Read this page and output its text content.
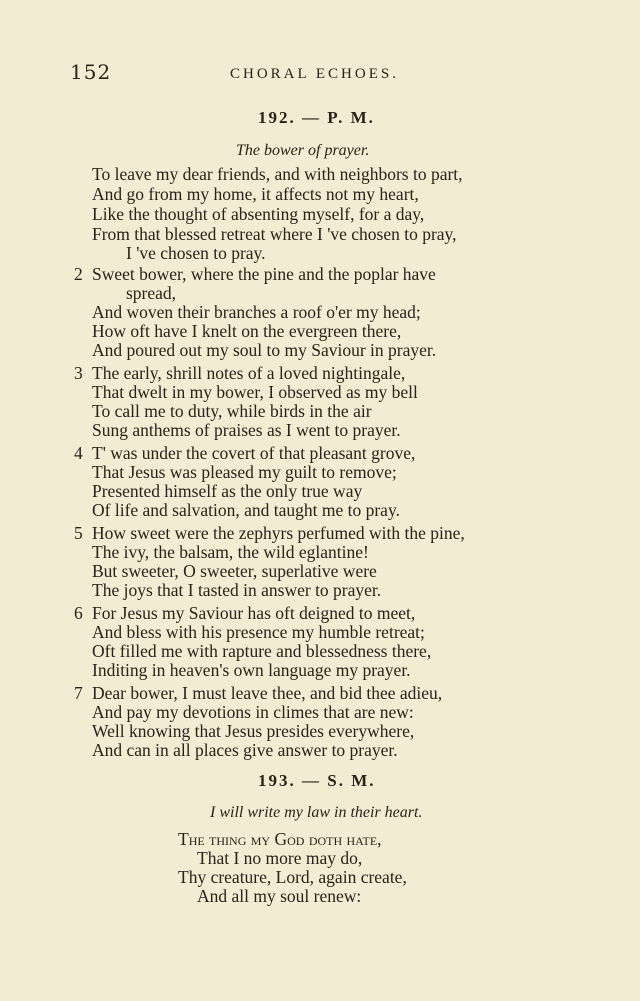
152	CHORAL ECHOES.
192. — P. M.
The bower of prayer.
To leave my dear friends, and with neighbors to part,
And go from my home, it affects not my heart,
Like the thought of absenting myself, for a day,
From that blessed retreat where I 've chosen to pray,
I 've chosen to pray.
2 Sweet bower, where the pine and the poplar have
spread,
And woven their branches a roof o'er my head;
How oft have I knelt on the evergreen there,
And poured out my soul to my Saviour in prayer.
3 The early, shrill notes of a loved nightingale,
That dwelt in my bower, I observed as my bell
To call me to duty, while birds in the air
Sung anthems of praises as I went to prayer.
4 T' was under the covert of that pleasant grove,
That Jesus was pleased my guilt to remove;
Presented himself as the only true way
Of life and salvation, and taught me to pray.
5 How sweet were the zephyrs perfumed with the pine,
The ivy, the balsam, the wild eglantine!
But sweeter, O sweeter, superlative were
The joys that I tasted in answer to prayer.
6 For Jesus my Saviour has oft deigned to meet,
And bless with his presence my humble retreat;
Oft filled me with rapture and blessedness there,
Inditing in heaven's own language my prayer.
7 Dear bower, I must leave thee, and bid thee adieu,
And pay my devotions in climes that are new:
Well knowing that Jesus presides everywhere,
And can in all places give answer to prayer.
193. — S. M.
I will write my law in their heart.
The thing my God doth hate,
That I no more may do,
Thy creature, Lord, again create,
And all my soul renew:
